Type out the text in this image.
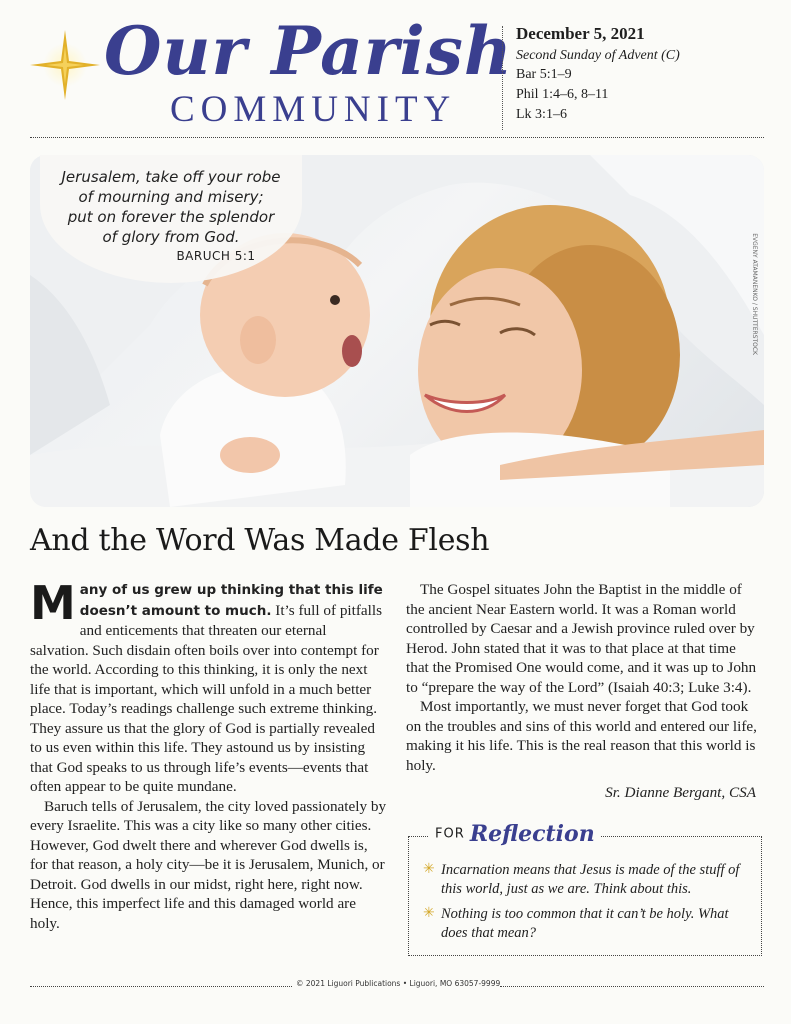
Our Parish
COMMUNITY
December 5, 2021
Second Sunday of Advent (C)
Bar 5:1–9
Phil 1:4–6, 8–11
Lk 3:1–6
EVGENY ATAMANENKO / SHUTTERSTOCK
Jerusalem, take off your robe
of mourning and misery;
put on forever the splendor
of glory from God.
BARUCH 5:1
And the Word Was Made Flesh

Many of us grew up thinking that this life doesn’t amount to much. It’s full of pitfalls and enticements that threaten our eternal salvation. Such disdain often boils over into contempt for the world. According to this thinking, it is only the next life that is important, which will unfold in a much better place. Today’s readings challenge such extreme thinking. They assure us that the glory of God is partially revealed to us even within this life. They astound us by insisting that God speaks to us through life’s events—events that often appear to be quite mundane.

Baruch tells of Jerusalem, the city loved passionately by every Israelite. This was a city like so many other cities. However, God dwelt there and wherever God dwells is, for that reason, a holy city—be it is Jerusalem, Munich, or Detroit. God dwells in our midst, right here, right now. Hence, this imperfect life and this damaged world are holy.

The Gospel situates John the Baptist in the middle of the ancient Near Eastern world. It was a Roman world controlled by Caesar and a Jewish province ruled over by Herod. John stated that it was to that place at that time that the Promised One would come, and it was up to John to “prepare the way of the Lord” (Isaiah 40:3; Luke 3:4).

Most importantly, we must never forget that God took on the troubles and sins of this world and entered our life, making it his life. This is the real reason that this world is holy.

Sr. Dianne Bergant, CSA
FOR Reflection
✳ Incarnation means that Jesus is made of the stuff of this world, just as we are. Think about this.
✳ Nothing is too common that it can’t be holy. What does that mean?
© 2021 Liguori Publications • Liguori, MO 63057-9999
